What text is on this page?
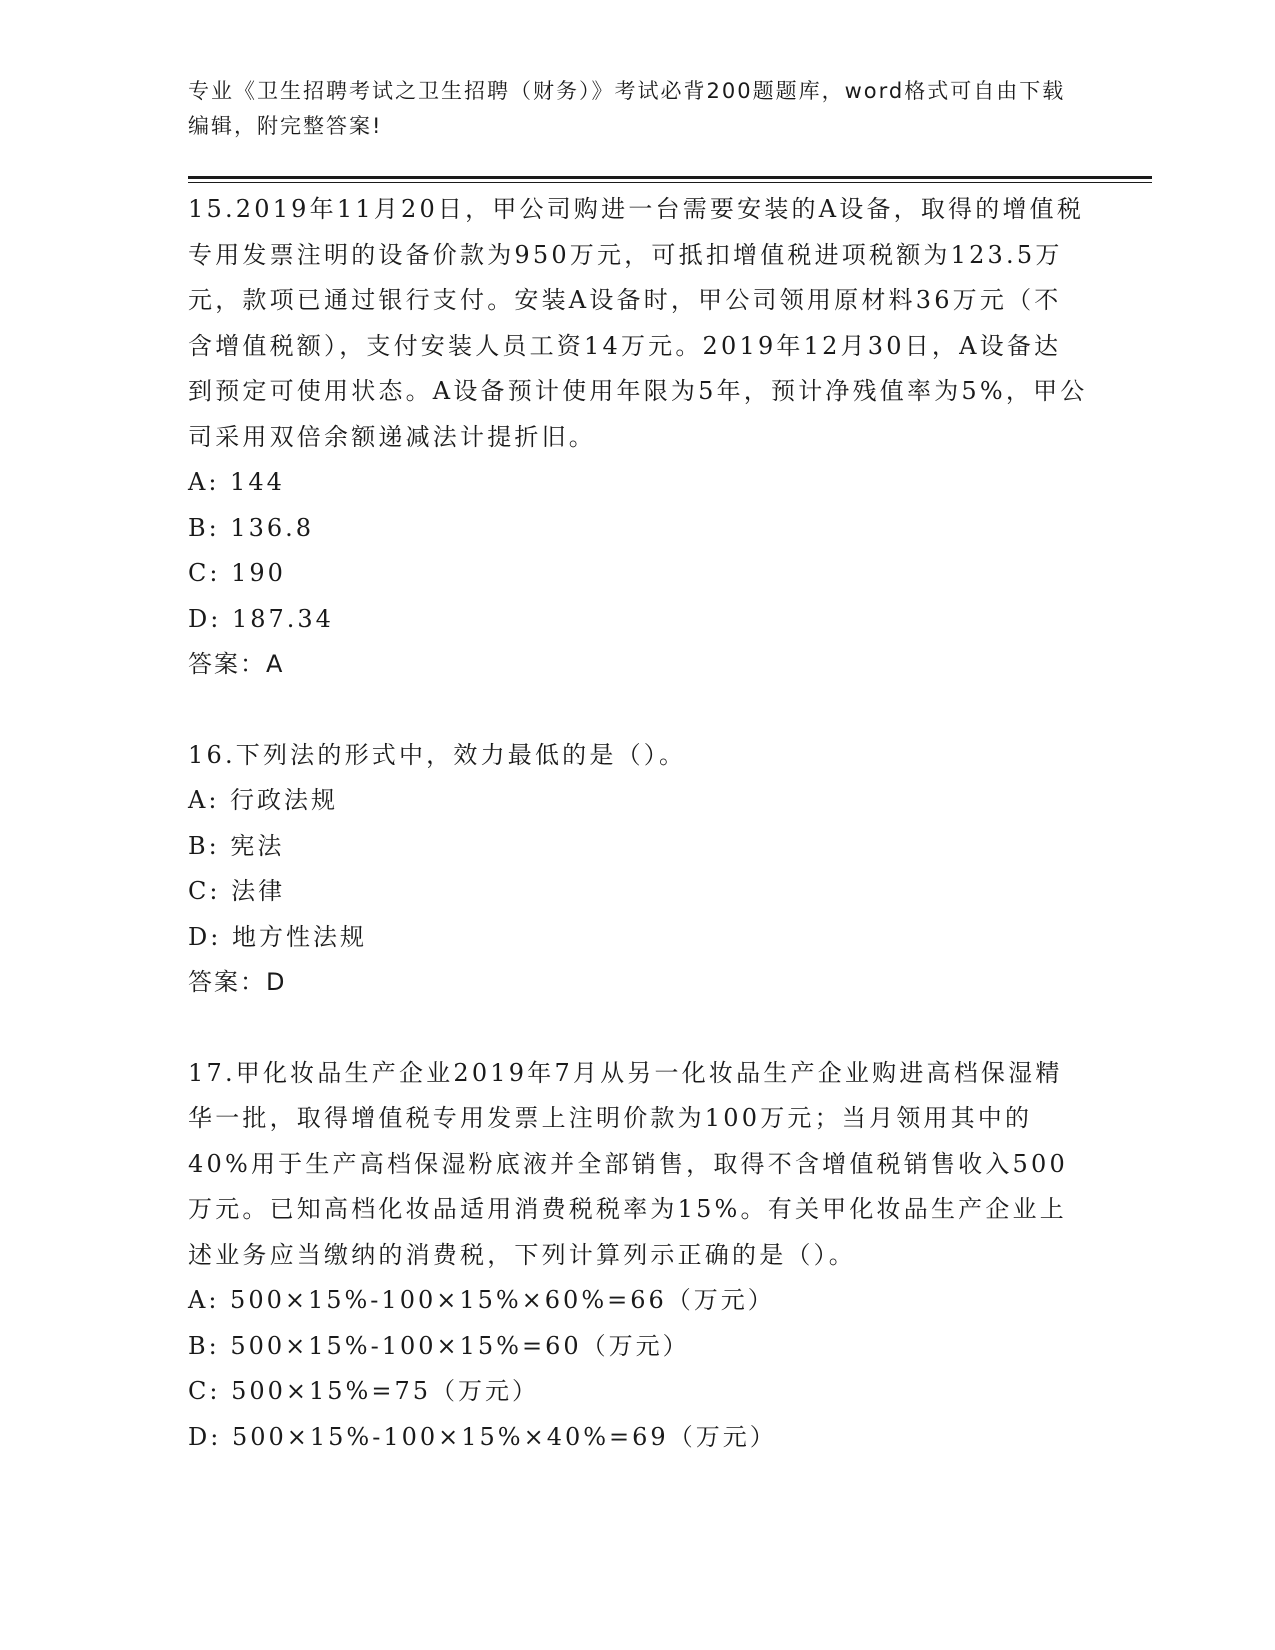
专业《卫生招聘考试之卫生招聘（财务）》考试必背200题题库，word格式可自由下载编辑，附完整答案!

15.2019年11月20日，甲公司购进一台需要安装的A设备，取得的增值税专用发票注明的设备价款为950万元，可抵扣增值税进项税额为123.5万元，款项已通过银行支付。安装A设备时，甲公司领用原材料36万元（不含增值税额），支付安装人员工资14万元。2019年12月30日，A设备达到预定可使用状态。A设备预计使用年限为5年，预计净残值率为5%，甲公司采用双倍余额递减法计提折旧。

A: 144

B: 136.8

C: 190

D: 187.34

答案：A

16.下列法的形式中，效力最低的是（）。

A: 行政法规

B: 宪法

C: 法律

D: 地方性法规

答案：D

17.甲化妆品生产企业2019年7月从另一化妆品生产企业购进高档保湿精华一批，取得增值税专用发票上注明价款为100万元；当月领用其中的40%用于生产高档保湿粉底液并全部销售，取得不含增值税销售收入500万元。已知高档化妆品适用消费税税率为15%。有关甲化妆品生产企业上述业务应当缴纳的消费税，下列计算列示正确的是（）。

A: 500×15%-100×15%×60%=66（万元）

B: 500×15%-100×15%=60（万元）

C: 500×15%=75（万元）

D: 500×15%-100×15%×40%=69（万元）
